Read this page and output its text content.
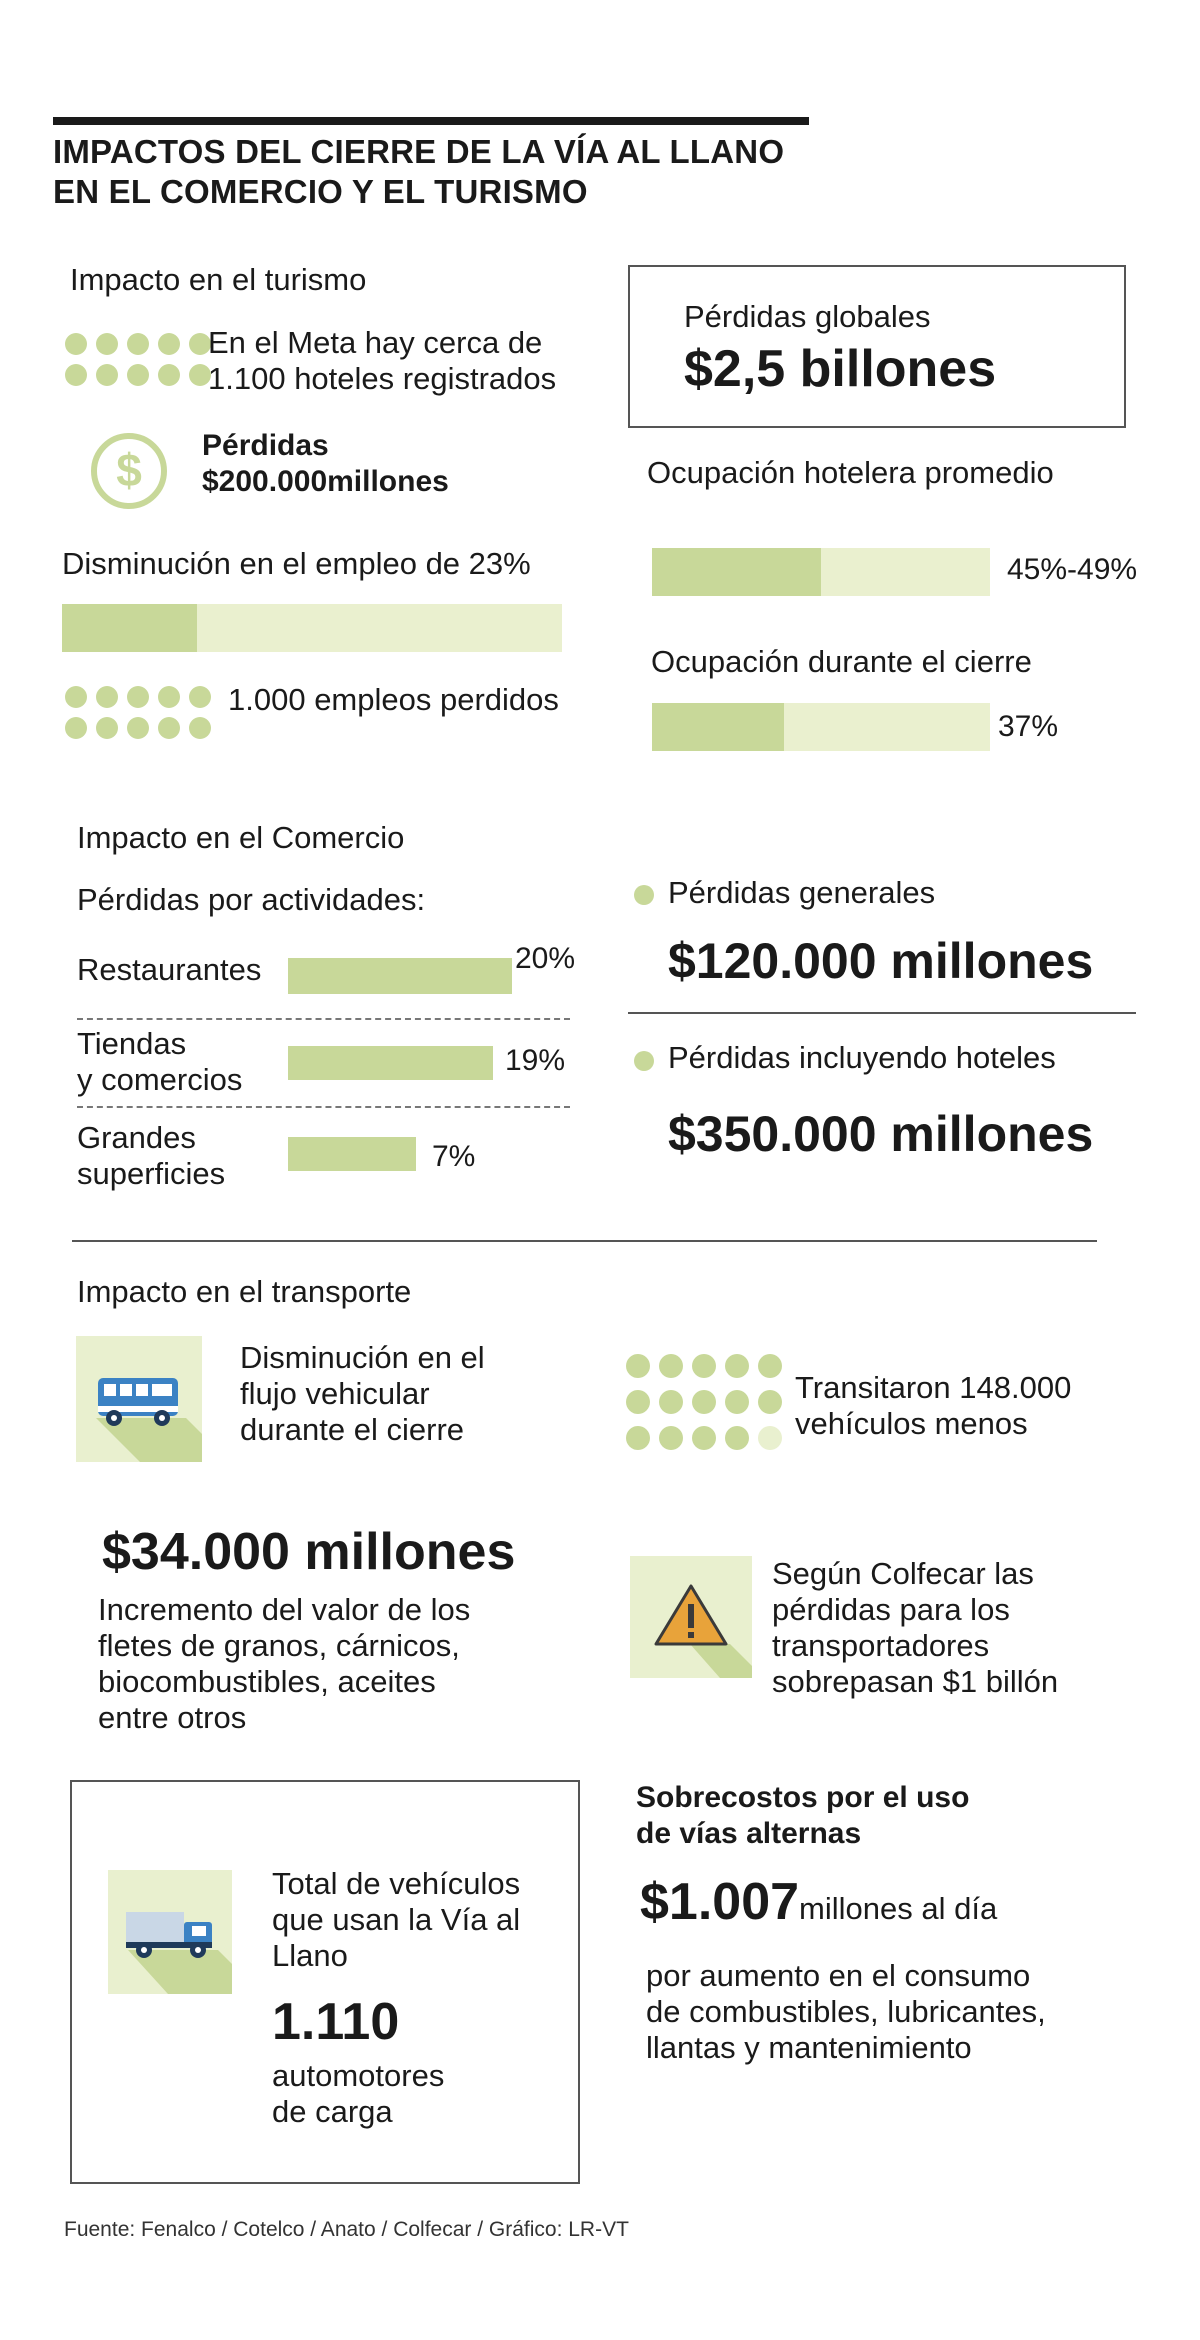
IMPACTOS DEL CIERRE DE LA VÍA AL LLANO
EN EL COMERCIO Y EL TURISMO
Impacto en el turismo
En el Meta hay cerca de
1.100 hoteles registrados
$ Pérdidas
$200.000millones
Disminución en el empleo de 23%
1.000 empleos perdidos
Pérdidas globales
$2,5 billones
Ocupación hotelera promedio
45%-49%
Ocupación durante el cierre
37%
Impacto en el Comercio
Pérdidas por actividades:
Restaurantes	20%
Tiendas
y comercios
19%
Grandes
superficies	7%
Pérdidas generales
$120.000 millones
Pérdidas incluyendo hoteles
$350.000 millones
Impacto en el transporte
Disminución en el
flujo vehicular
durante el cierre
Transitaron 148.000
vehículos menos
$34.000 millones
Incremento del valor de los
fletes de granos, cárnicos,
biocombustibles, aceites
entre otros
Según Colfecar las
pérdidas para los
transportadores
sobrepasan $1 billón
Total de vehículos
que usan la Vía al
Llano
1.110
automotores
de carga
Sobrecostos por el uso
de vías alternas
$1.007millones al día
por aumento en el consumo
de combustibles, lubricantes,
llantas y mantenimiento
Fuente: Fenalco / Cotelco / Anato / Colfecar / Gráfico: LR-VT
